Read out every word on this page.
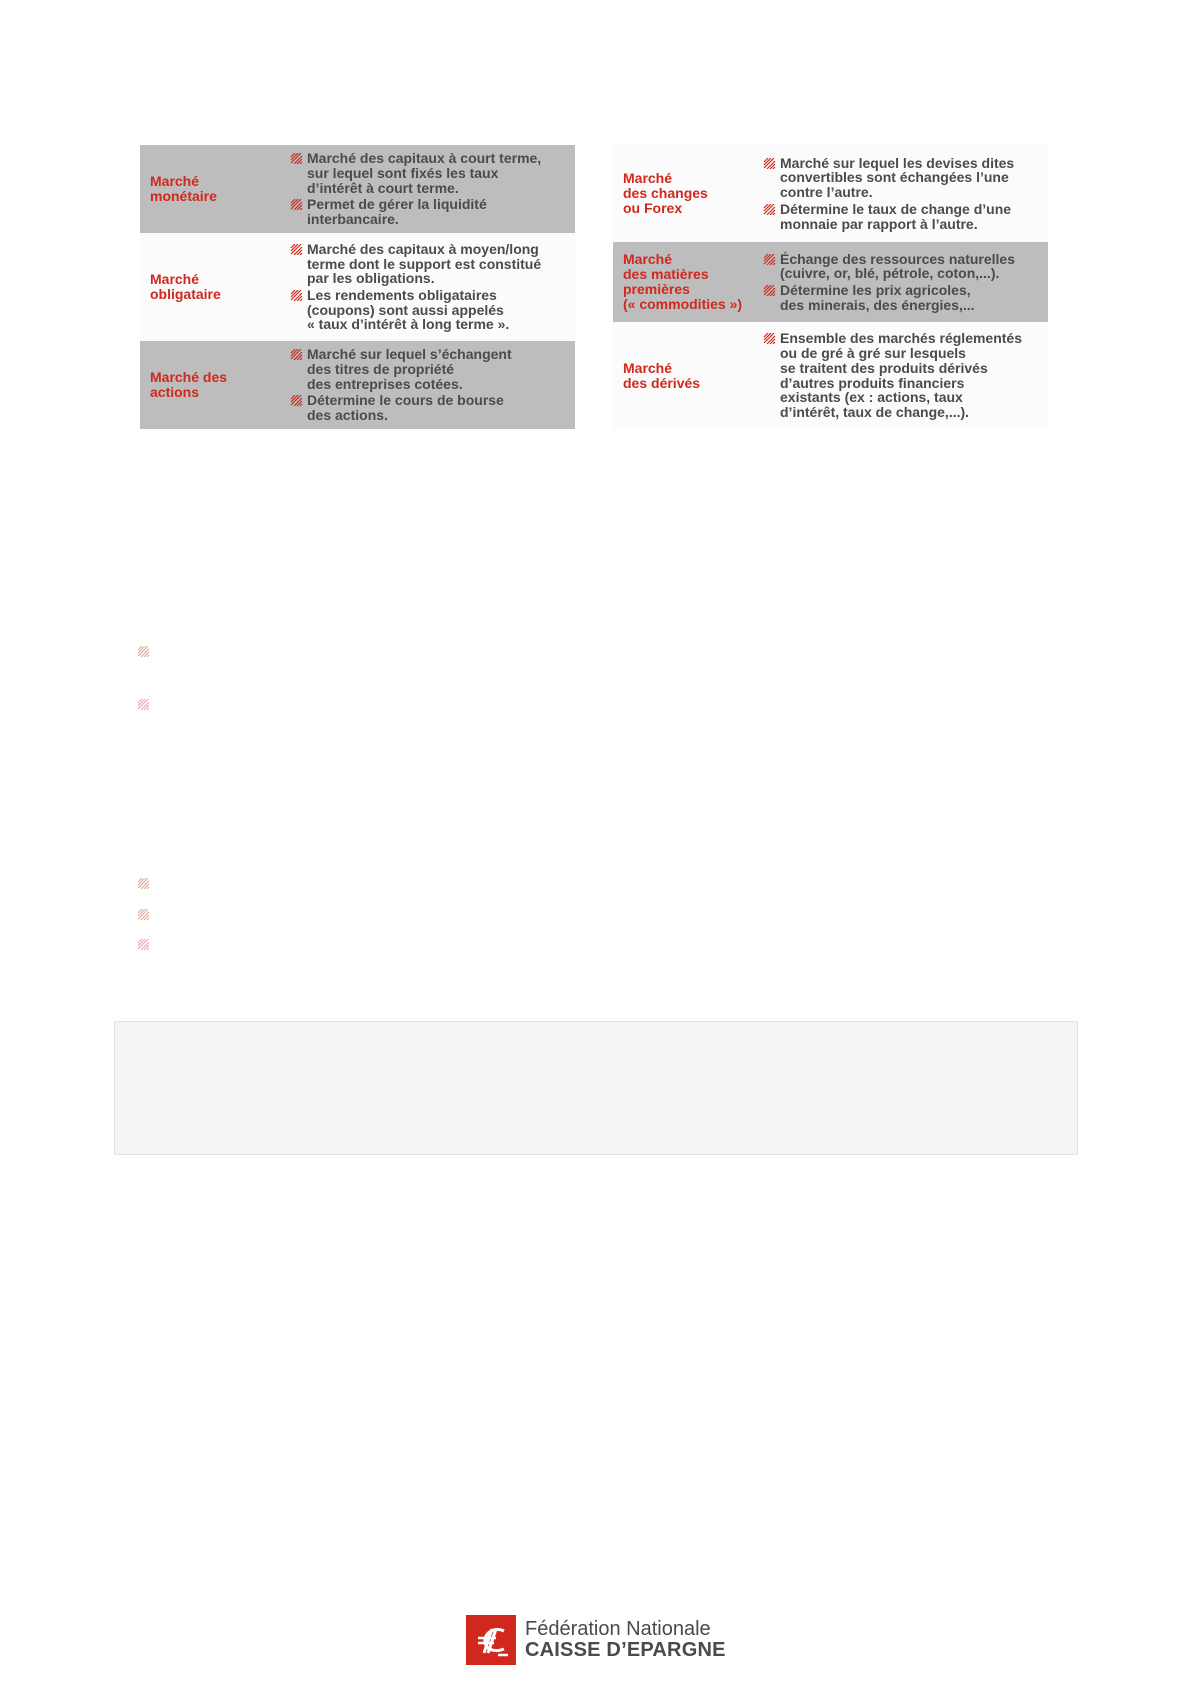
Marché
monétaire
Marché des capitaux à court terme,
sur lequel sont fixés les taux
d’intérêt à court terme.
Permet de gérer la liquidité
interbancaire.
Marché
obligataire
Marché des capitaux à moyen/long
terme dont le support est constitué
par les obligations.
Les rendements obligataires
(coupons) sont aussi appelés
« taux d’intérêt à long terme ».
Marché des
actions
Marché sur lequel s’échangent
des titres de propriété
des entreprises cotées.
Détermine le cours de bourse
des actions.
Marché
des changes
ou Forex
Marché sur lequel les devises dites
convertibles sont échangées l’une
contre l’autre.
Détermine le taux de change d’une
monnaie par rapport à l’autre.
Marché
des matières
premières
(« commodities »)
Échange des ressources naturelles
(cuivre, or, blé, pétrole, coton,...).
Détermine les prix agricoles,
des minerais, des énergies,...
Marché
des dérivés
Ensemble des marchés réglementés
ou de gré à gré sur lesquels
se traitent des produits dérivés
d’autres produits financiers
existants (ex : actions, taux
d’intérêt, taux de change,...).
Fédération Nationale
CAISSE D’EPARGNE
